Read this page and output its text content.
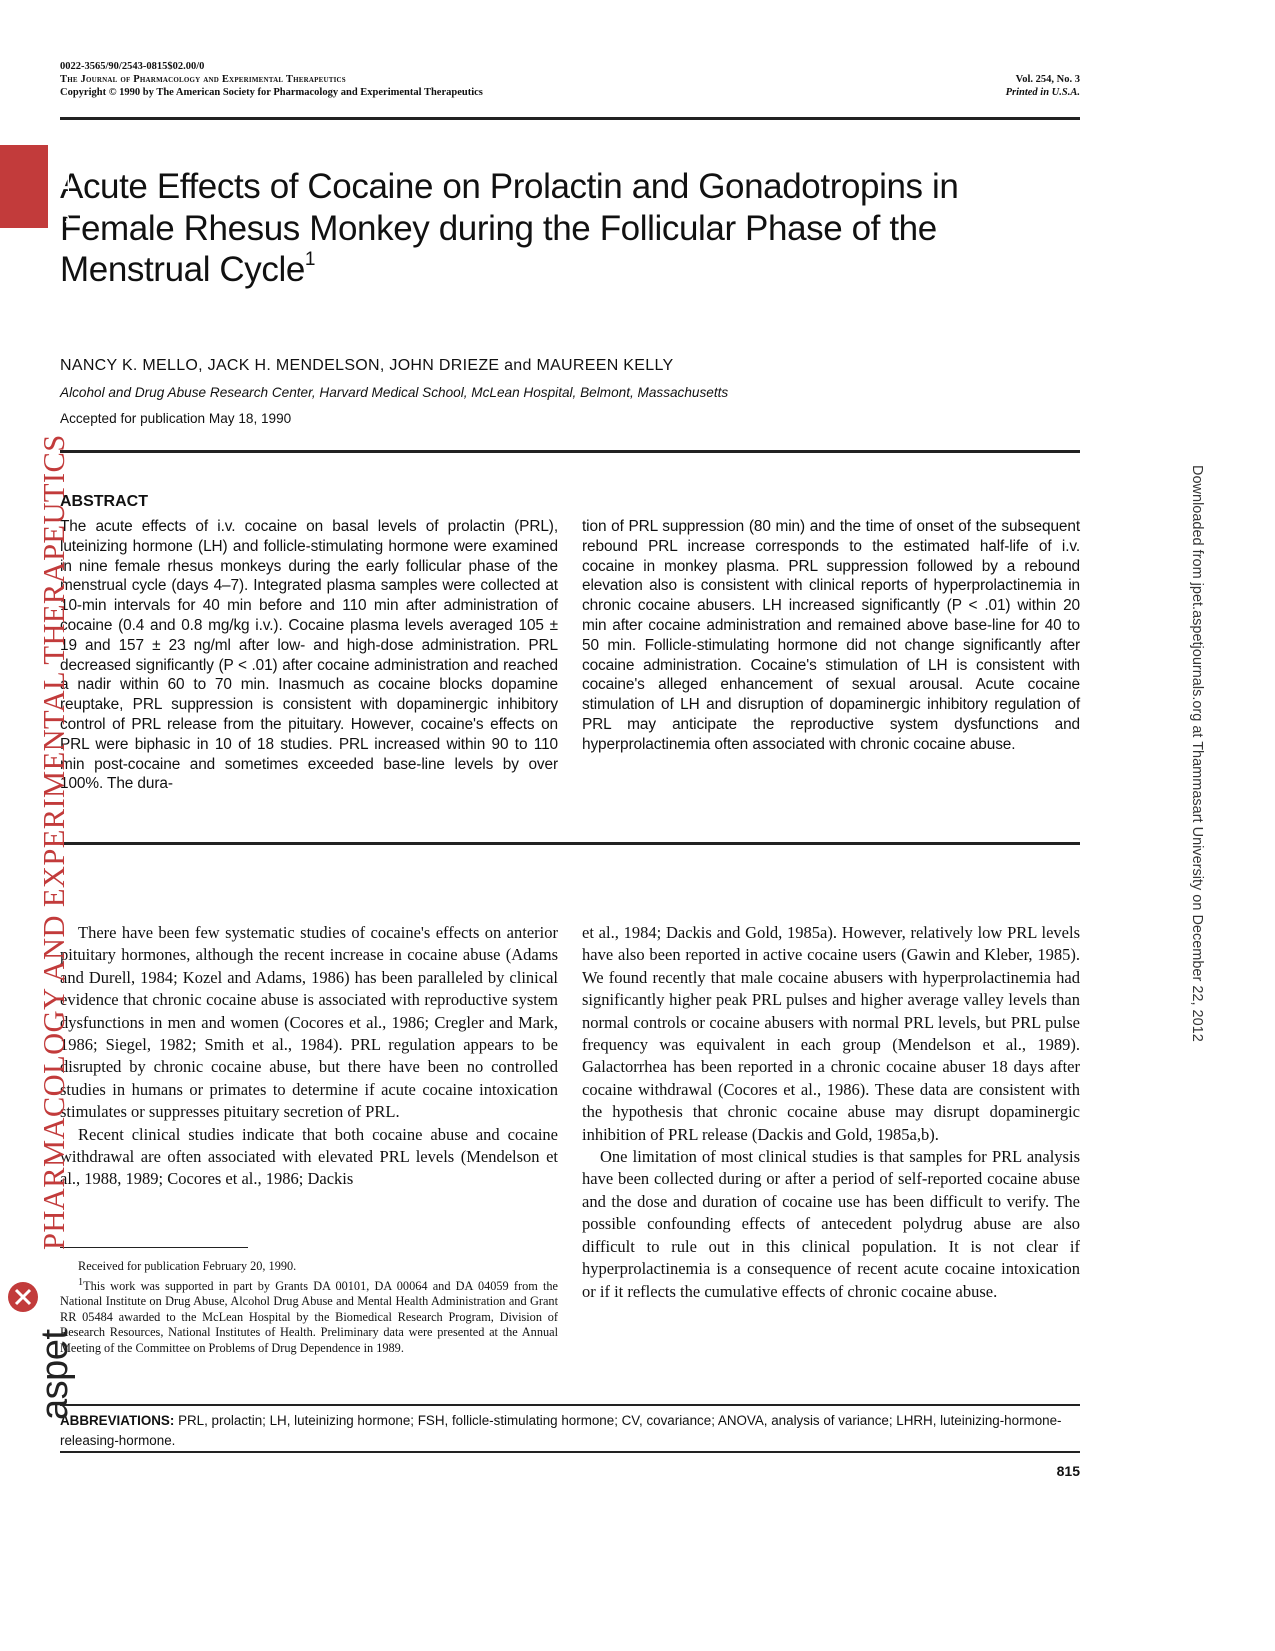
0022-3565/90/2543-0815$02.00/0
The Journal of Pharmacology and Experimental Therapeutics
Copyright © 1990 by The American Society for Pharmacology and Experimental Therapeutics
Vol. 254, No. 3
Printed in U.S.A.
Acute Effects of Cocaine on Prolactin and Gonadotropins in Female Rhesus Monkey during the Follicular Phase of the Menstrual Cycle$^1$
NANCY K. MELLO, JACK H. MENDELSON, JOHN DRIEZE and MAUREEN KELLY
Alcohol and Drug Abuse Research Center, Harvard Medical School, McLean Hospital, Belmont, Massachusetts
Accepted for publication May 18, 1990
ABSTRACT
The acute effects of i.v. cocaine on basal levels of prolactin (PRL), luteinizing hormone (LH) and follicle-stimulating hormone were examined in nine female rhesus monkeys during the early follicular phase of the menstrual cycle (days 4–7). Integrated plasma samples were collected at 10-min intervals for 40 min before and 110 min after administration of cocaine (0.4 and 0.8 mg/kg i.v.). Cocaine plasma levels averaged 105 ± 19 and 157 ± 23 ng/ml after low- and high-dose administration. PRL decreased significantly (P < .01) after cocaine administration and reached a nadir within 60 to 70 min. Inasmuch as cocaine blocks dopamine reuptake, PRL suppression is consistent with dopaminergic inhibitory control of PRL release from the pituitary. However, cocaine's effects on PRL were biphasic in 10 of 18 studies. PRL increased within 90 to 110 min post-cocaine and sometimes exceeded base-line levels by over 100%. The dura-
tion of PRL suppression (80 min) and the time of onset of the subsequent rebound PRL increase corresponds to the estimated half-life of i.v. cocaine in monkey plasma. PRL suppression followed by a rebound elevation also is consistent with clinical reports of hyperprolactinemia in chronic cocaine abusers. LH increased significantly (P < .01) within 20 min after cocaine administration and remained above base-line for 40 to 50 min. Follicle-stimulating hormone did not change significantly after cocaine administration. Cocaine's stimulation of LH is consistent with cocaine's alleged enhancement of sexual arousal. Acute cocaine stimulation of LH and disruption of dopaminergic inhibitory regulation of PRL may anticipate the reproductive system dysfunctions and hyperprolactinemia often associated with chronic cocaine abuse.

There have been few systematic studies of cocaine's effects on anterior pituitary hormones, although the recent increase in cocaine abuse (Adams and Durell, 1984; Kozel and Adams, 1986) has been paralleled by clinical evidence that chronic cocaine abuse is associated with reproductive system dysfunctions in men and women (Cocores et al., 1986; Cregler and Mark, 1986; Siegel, 1982; Smith et al., 1984). PRL regulation appears to be disrupted by chronic cocaine abuse, but there have been no controlled studies in humans or primates to determine if acute cocaine intoxication stimulates or suppresses pituitary secretion of PRL.

Recent clinical studies indicate that both cocaine abuse and cocaine withdrawal are often associated with elevated PRL levels (Mendelson et al., 1988, 1989; Cocores et al., 1986; Dackis

et al., 1984; Dackis and Gold, 1985a). However, relatively low PRL levels have also been reported in active cocaine users (Gawin and Kleber, 1985). We found recently that male cocaine abusers with hyperprolactinemia had significantly higher peak PRL pulses and higher average valley levels than normal controls or cocaine abusers with normal PRL levels, but PRL pulse frequency was equivalent in each group (Mendelson et al., 1989). Galactorrhea has been reported in a chronic cocaine abuser 18 days after cocaine withdrawal (Cocores et al., 1986). These data are consistent with the hypothesis that chronic cocaine abuse may disrupt dopaminergic inhibition of PRL release (Dackis and Gold, 1985a,b).

One limitation of most clinical studies is that samples for PRL analysis have been collected during or after a period of self-reported cocaine abuse and the dose and duration of cocaine use has been difficult to verify. The possible confounding effects of antecedent polydrug abuse are also difficult to rule out in this clinical population. It is not clear if hyperprolactinemia is a consequence of recent acute cocaine intoxication or if it reflects the cumulative effects of chronic cocaine abuse.

Received for publication February 20, 1990.

$^1$This work was supported in part by Grants DA 00101, DA 00064 and DA 04059 from the National Institute on Drug Abuse, Alcohol Drug Abuse and Mental Health Administration and Grant RR 05484 awarded to the McLean Hospital by the Biomedical Research Program, Division of Research Resources, National Institutes of Health. Preliminary data were presented at the Annual Meeting of the Committee on Problems of Drug Dependence in 1989.

ABBREVIATIONS: PRL, prolactin; LH, luteinizing hormone; FSH, follicle-stimulating hormone; CV, covariance; ANOVA, analysis of variance; LHRH, luteinizing-hormone-releasing-hormone.
815
JPET
PHARMACOLOGY AND EXPERIMENTAL THERAPEUTICS
aspet
Downloaded from jpet.aspetjournals.org at Thammasart University on December 22, 2012
